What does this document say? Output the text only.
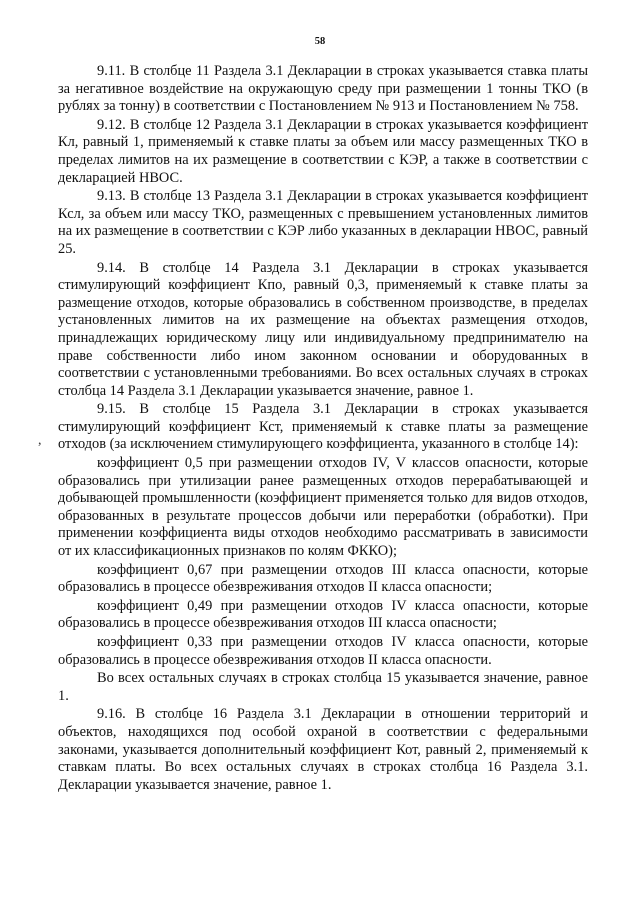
58
,

9.11. В столбце 11 Раздела 3.1 Декларации в строках указывается ставка платы за негативное воздействие на окружающую среду при размещении 1 тонны ТКО (в рублях за тонну) в соответствии с Постановлением № 913 и Постановлением № 758.

9.12. В столбце 12 Раздела 3.1 Декларации в строках указывается коэффициент Кл, равный 1, применяемый к ставке платы за объем или массу размещенных ТКО в пределах лимитов на их размещение в соответствии с КЭР, а также в соответствии с декларацией НВОС.

9.13. В столбце 13 Раздела 3.1 Декларации в строках указывается коэффициент Ксл, за объем или массу ТКО, размещенных с превышением установленных лимитов на их размещение в соответствии с КЭР либо указанных в декларации НВОС, равный 25.

9.14. В столбце 14 Раздела 3.1 Декларации в строках указывается стимулирующий коэффициент Кпо, равный 0,3, применяемый к ставке платы за размещение отходов, которые образовались в собственном производстве, в пределах установленных лимитов на их размещение на объектах размещения отходов, принадлежащих юридическому лицу или индивидуальному предпринимателю на праве собственности либо ином законном основании и оборудованных в соответствии с установленными требованиями. Во всех остальных случаях в строках столбца 14 Раздела 3.1 Декларации указывается значение, равное 1.

9.15. В столбце 15 Раздела 3.1 Декларации в строках указывается стимулирующий коэффициент Кст, применяемый к ставке платы за размещение отходов (за исключением стимулирующего коэффициента, указанного в столбце 14):

коэффициент 0,5 при размещении отходов IV, V классов опасности, которые образовались при утилизации ранее размещенных отходов перерабатывающей и добывающей промышленности (коэффициент применяется только для видов отходов, образованных в результате процессов добычи или переработки (обработки). При применении коэффициента виды отходов необходимо рассматривать в зависимости от их классификационных признаков по колям ФККО);

коэффициент 0,67 при размещении отходов III класса опасности, которые образовались в процессе обезвреживания отходов II класса опасности;

коэффициент 0,49 при размещении отходов IV класса опасности, которые образовались в процессе обезвреживания отходов III класса опасности;

коэффициент 0,33 при размещении отходов IV класса опасности, которые образовались в процессе обезвреживания отходов II класса опасности.

Во всех остальных случаях в строках столбца 15 указывается значение, равное 1.

9.16. В столбце 16 Раздела 3.1 Декларации в отношении территорий и объектов, находящихся под особой охраной в соответствии с федеральными законами, указывается дополнительный коэффициент Кот, равный 2, применяемый к ставкам платы. Во всех остальных случаях в строках столбца 16 Раздела 3.1. Декларации указывается значение, равное 1.
